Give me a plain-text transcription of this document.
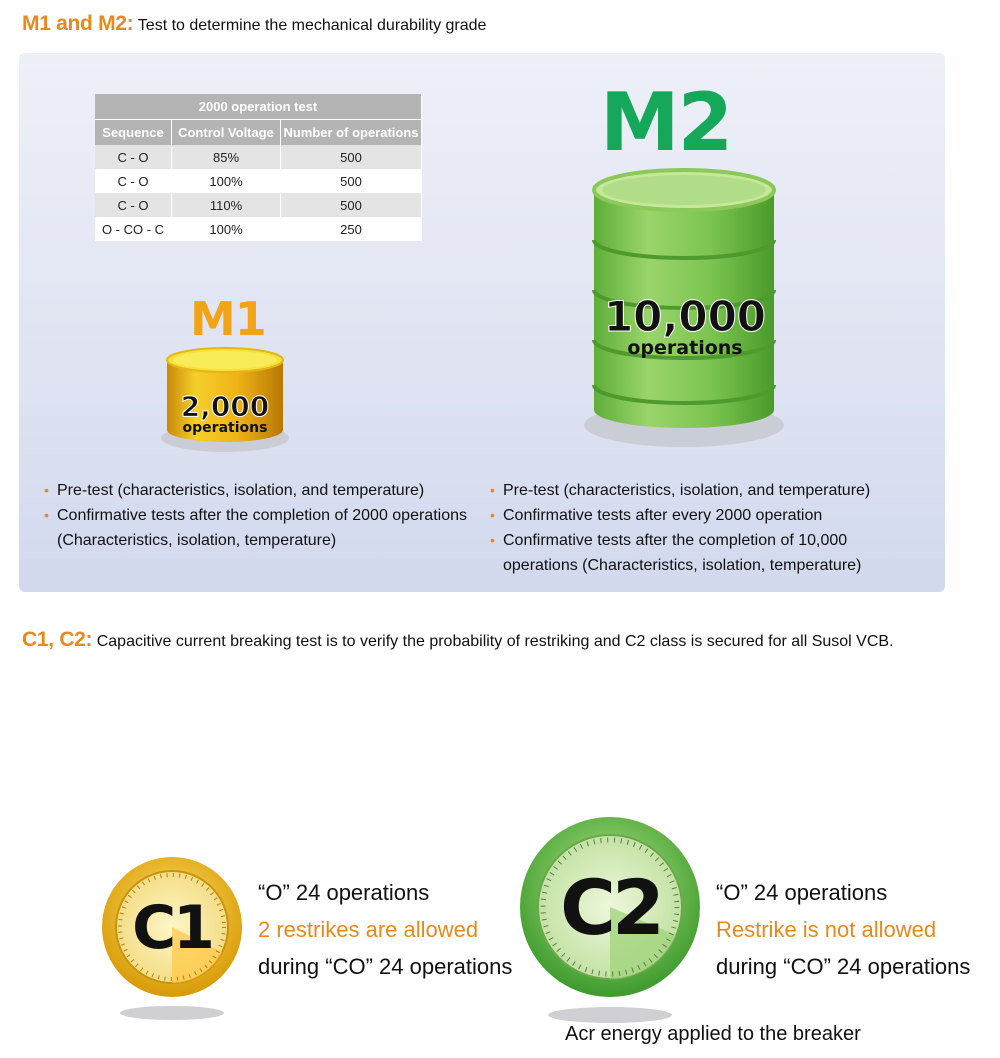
M1 and M2: Test to determine the mechanical durability grade
2000 operation test		
Sequence	Control Voltage	Number of operations
C - O	85%	500
C - O	100%	500
C - O	110%	500
O - CO - C	100%	250
M1
2,000
operations
M2
10,000
operations
• Pre-test (characteristics, isolation, and temperature)
• Confirmative tests after the completion of 2000 operations (Characteristics, isolation, temperature)
• Pre-test (characteristics, isolation, and temperature)
• Confirmative tests after every 2000 operation
• Confirmative tests after the completion of 10,000 operations (Characteristics, isolation, temperature)
C1, C2: Capacitive current breaking test is to verify the probability of restriking and C2 class is secured for all Susol VCB.
C1
“O” 24 operations
2 restrikes are allowed
during “CO” 24 operations
C2	“O” 24 operations
Restrike is not allowed
during “CO” 24 operations
Acr energy applied to the breaker
